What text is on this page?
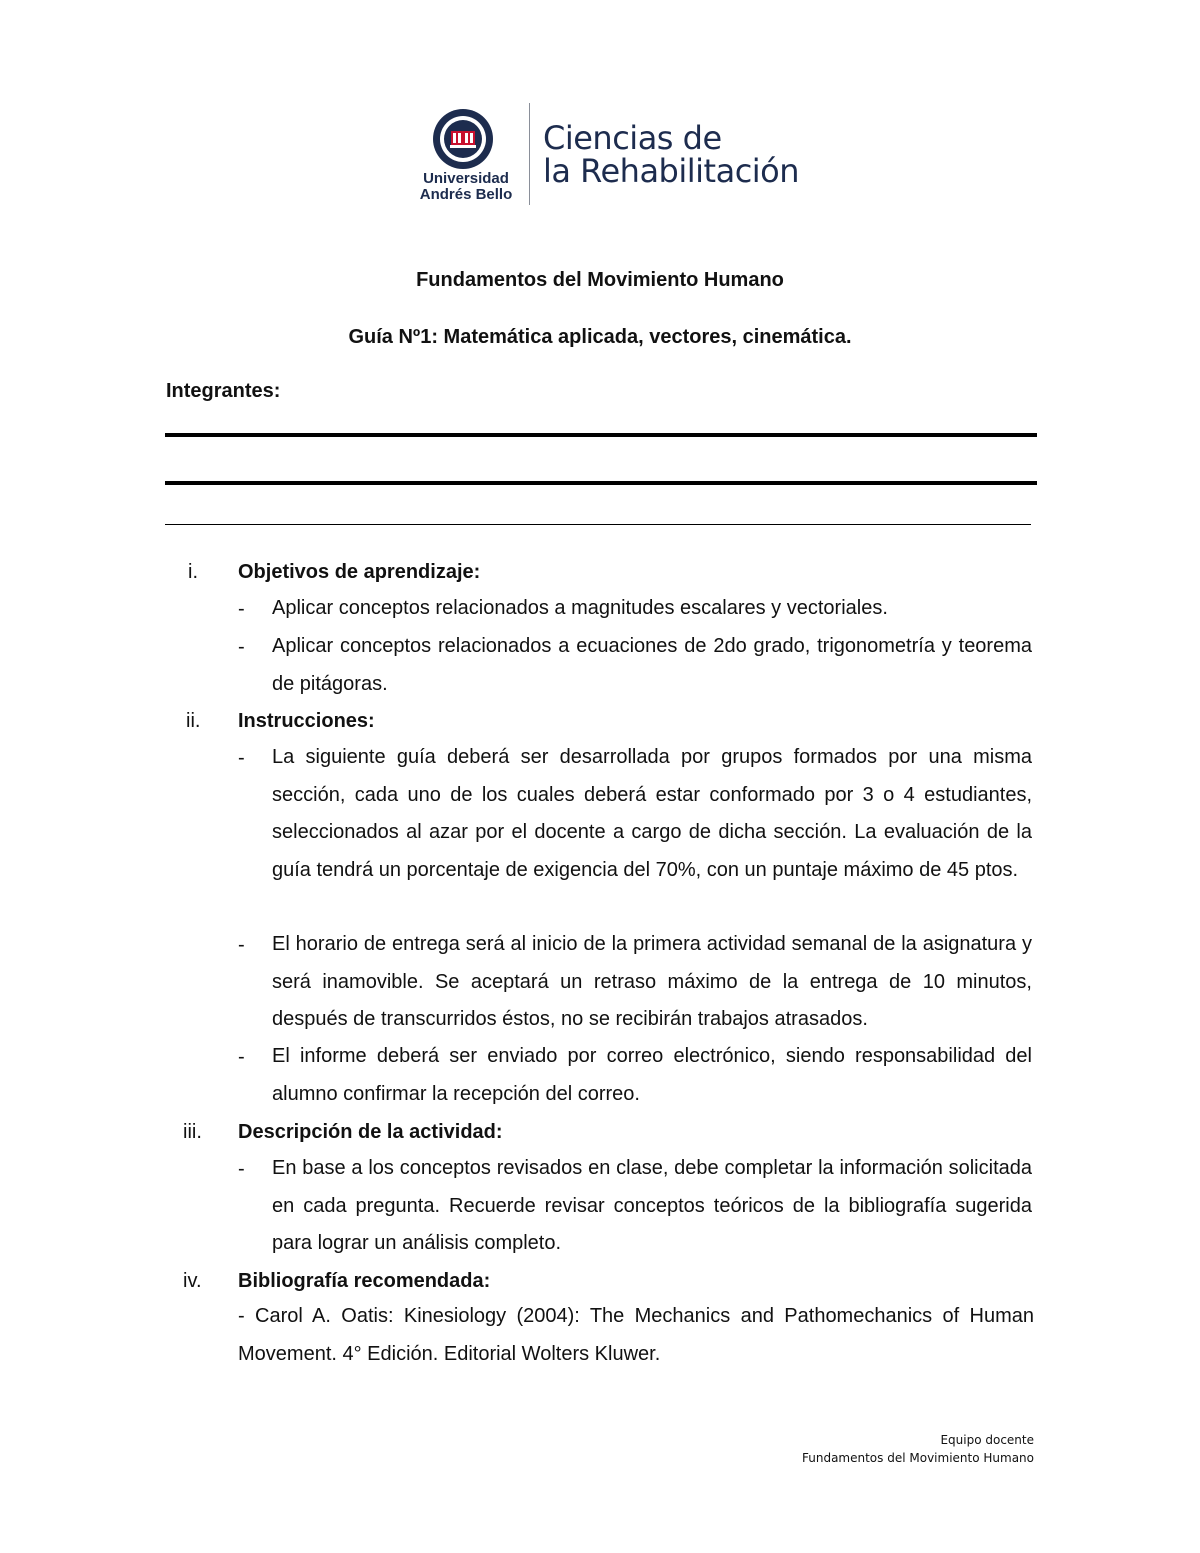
Universidad
Andrés Bello
Ciencias de
la Rehabilitación
Fundamentos del Movimiento Humano
Guía Nº1: Matemática aplicada, vectores, cinemática.
Integrantes:
i. Objetivos de aprendizaje:
- Aplicar conceptos relacionados a magnitudes escalares y vectoriales.
- Aplicar conceptos relacionados a ecuaciones de 2do grado, trigonometría y teorema de pitágoras.
ii. Instrucciones:
- La siguiente guía deberá ser desarrollada por grupos formados por una misma sección, cada uno de los cuales deberá estar conformado por 3 o 4 estudiantes, seleccionados al azar por el docente a cargo de dicha sección. La evaluación de la guía tendrá un porcentaje de exigencia del 70%, con un puntaje máximo de 45 ptos.
- El horario de entrega será al inicio de la primera actividad semanal de la asignatura y será inamovible. Se aceptará un retraso máximo de la entrega de 10 minutos, después de transcurridos éstos, no se recibirán trabajos atrasados.
- El informe deberá ser enviado por correo electrónico, siendo responsabilidad del alumno confirmar la recepción del correo.
iii. Descripción de la actividad:
- En base a los conceptos revisados en clase, debe completar la información solicitada en cada pregunta. Recuerde revisar conceptos teóricos de la bibliografía sugerida para lograr un análisis completo.
iv. Bibliografía recomendada:
- Carol A. Oatis: Kinesiology (2004): The Mechanics and Pathomechanics of Human Movement. 4° Edición. Editorial Wolters Kluwer.
Equipo docente
Fundamentos del Movimiento Humano
